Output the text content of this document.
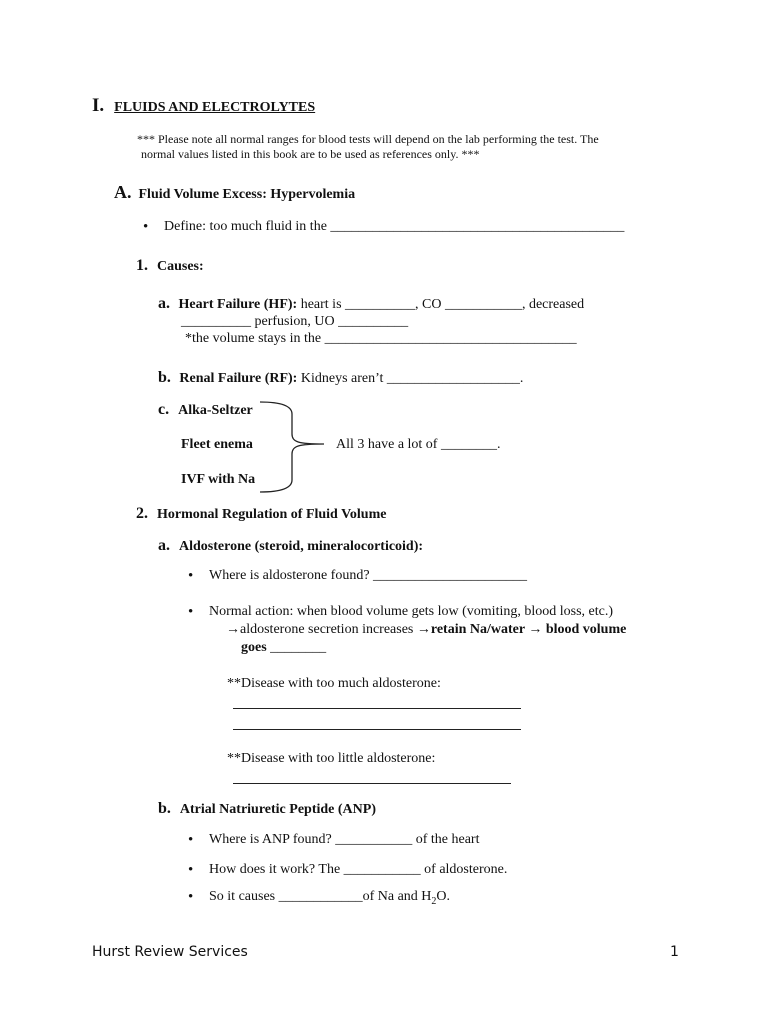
I. FLUIDS AND ELECTROLYTES
*** Please note all normal ranges for blood tests will depend on the lab performing the test. The
normal values listed in this book are to be used as references only. ***
A. Fluid Volume Excess: Hypervolemia
• Define: too much fluid in the __________________________________________
1. Causes:
a. Heart Failure (HF): heart is __________, CO ___________, decreased
__________ perfusion, UO __________
*the volume stays in the ____________________________________
b. Renal Failure (RF): Kidneys aren’t ___________________.
c. Alka-Seltzer
Fleet enema
IVF with Na
All 3 have a lot of ________.
2. Hormonal Regulation of Fluid Volume
a. Aldosterone (steroid, mineralocorticoid):
• Where is aldosterone found? ______________________
• Normal action: when blood volume gets low (vomiting, blood loss, etc.)
→aldosterone secretion increases →retain Na/water → blood volume
goes ________
**Disease with too much aldosterone:
**Disease with too little aldosterone:
b. Atrial Natriuretic Peptide (ANP)
• Where is ANP found? ___________ of the heart
• How does it work? The ___________ of aldosterone.
• So it causes ____________of Na and $H_2O$.
Hurst Review Services	1
